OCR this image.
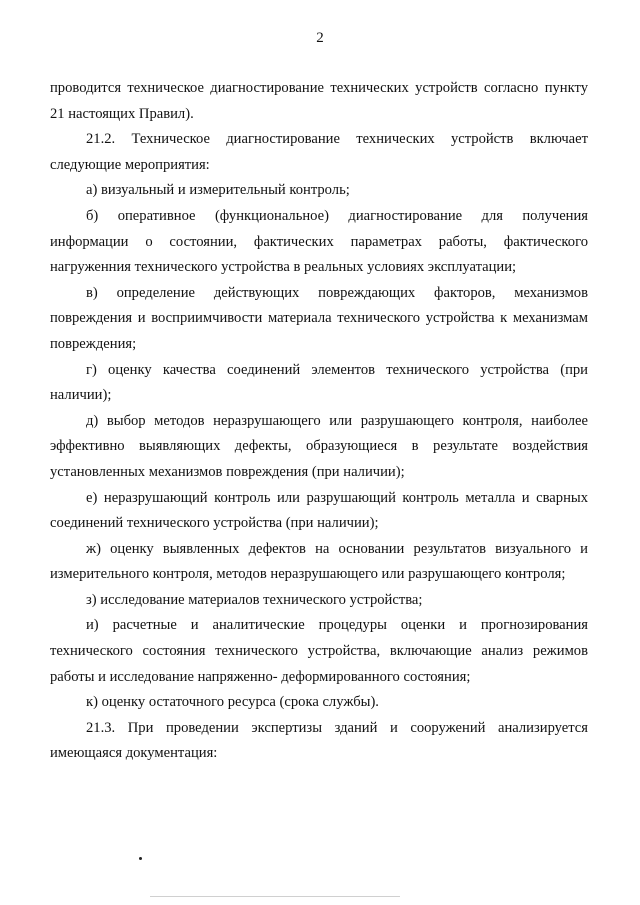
2

проводится техническое диагностирование технических устройств согласно пункту 21 настоящих Правил).

21.2. Техническое диагностирование технических устройств включает следующие мероприятия:

а) визуальный и измерительный контроль;

б) оперативное (функциональное) диагностирование для получения информации о состоянии, фактических параметрах работы, фактического нагруженния технического устройства в реальных условиях эксплуатации;

в) определение действующих повреждающих факторов, механизмов повреждения и восприимчивости материала технического устройства к механизмам повреждения;

г) оценку качества соединений элементов технического устройства (при наличии);

д) выбор методов неразрушающего или разрушающего контроля, наиболее эффективно выявляющих дефекты, образующиеся в результате воздействия установленных механизмов повреждения (при наличии);

е) неразрушающий контроль или разрушающий контроль металла и сварных соединений технического устройства (при наличии);

ж) оценку выявленных дефектов на основании результатов визуального и измерительного контроля, методов неразрушающего или разрушающего контроля;

з) исследование материалов технического устройства;

и) расчетные и аналитические процедуры оценки и прогнозирования технического состояния технического устройства, включающие анализ режимов работы и исследование напряженно- деформированного состояния;

к) оценку остаточного ресурса (срока службы).

21.3. При проведении экспертизы зданий и сооружений анализируется имеющаяся документация:
